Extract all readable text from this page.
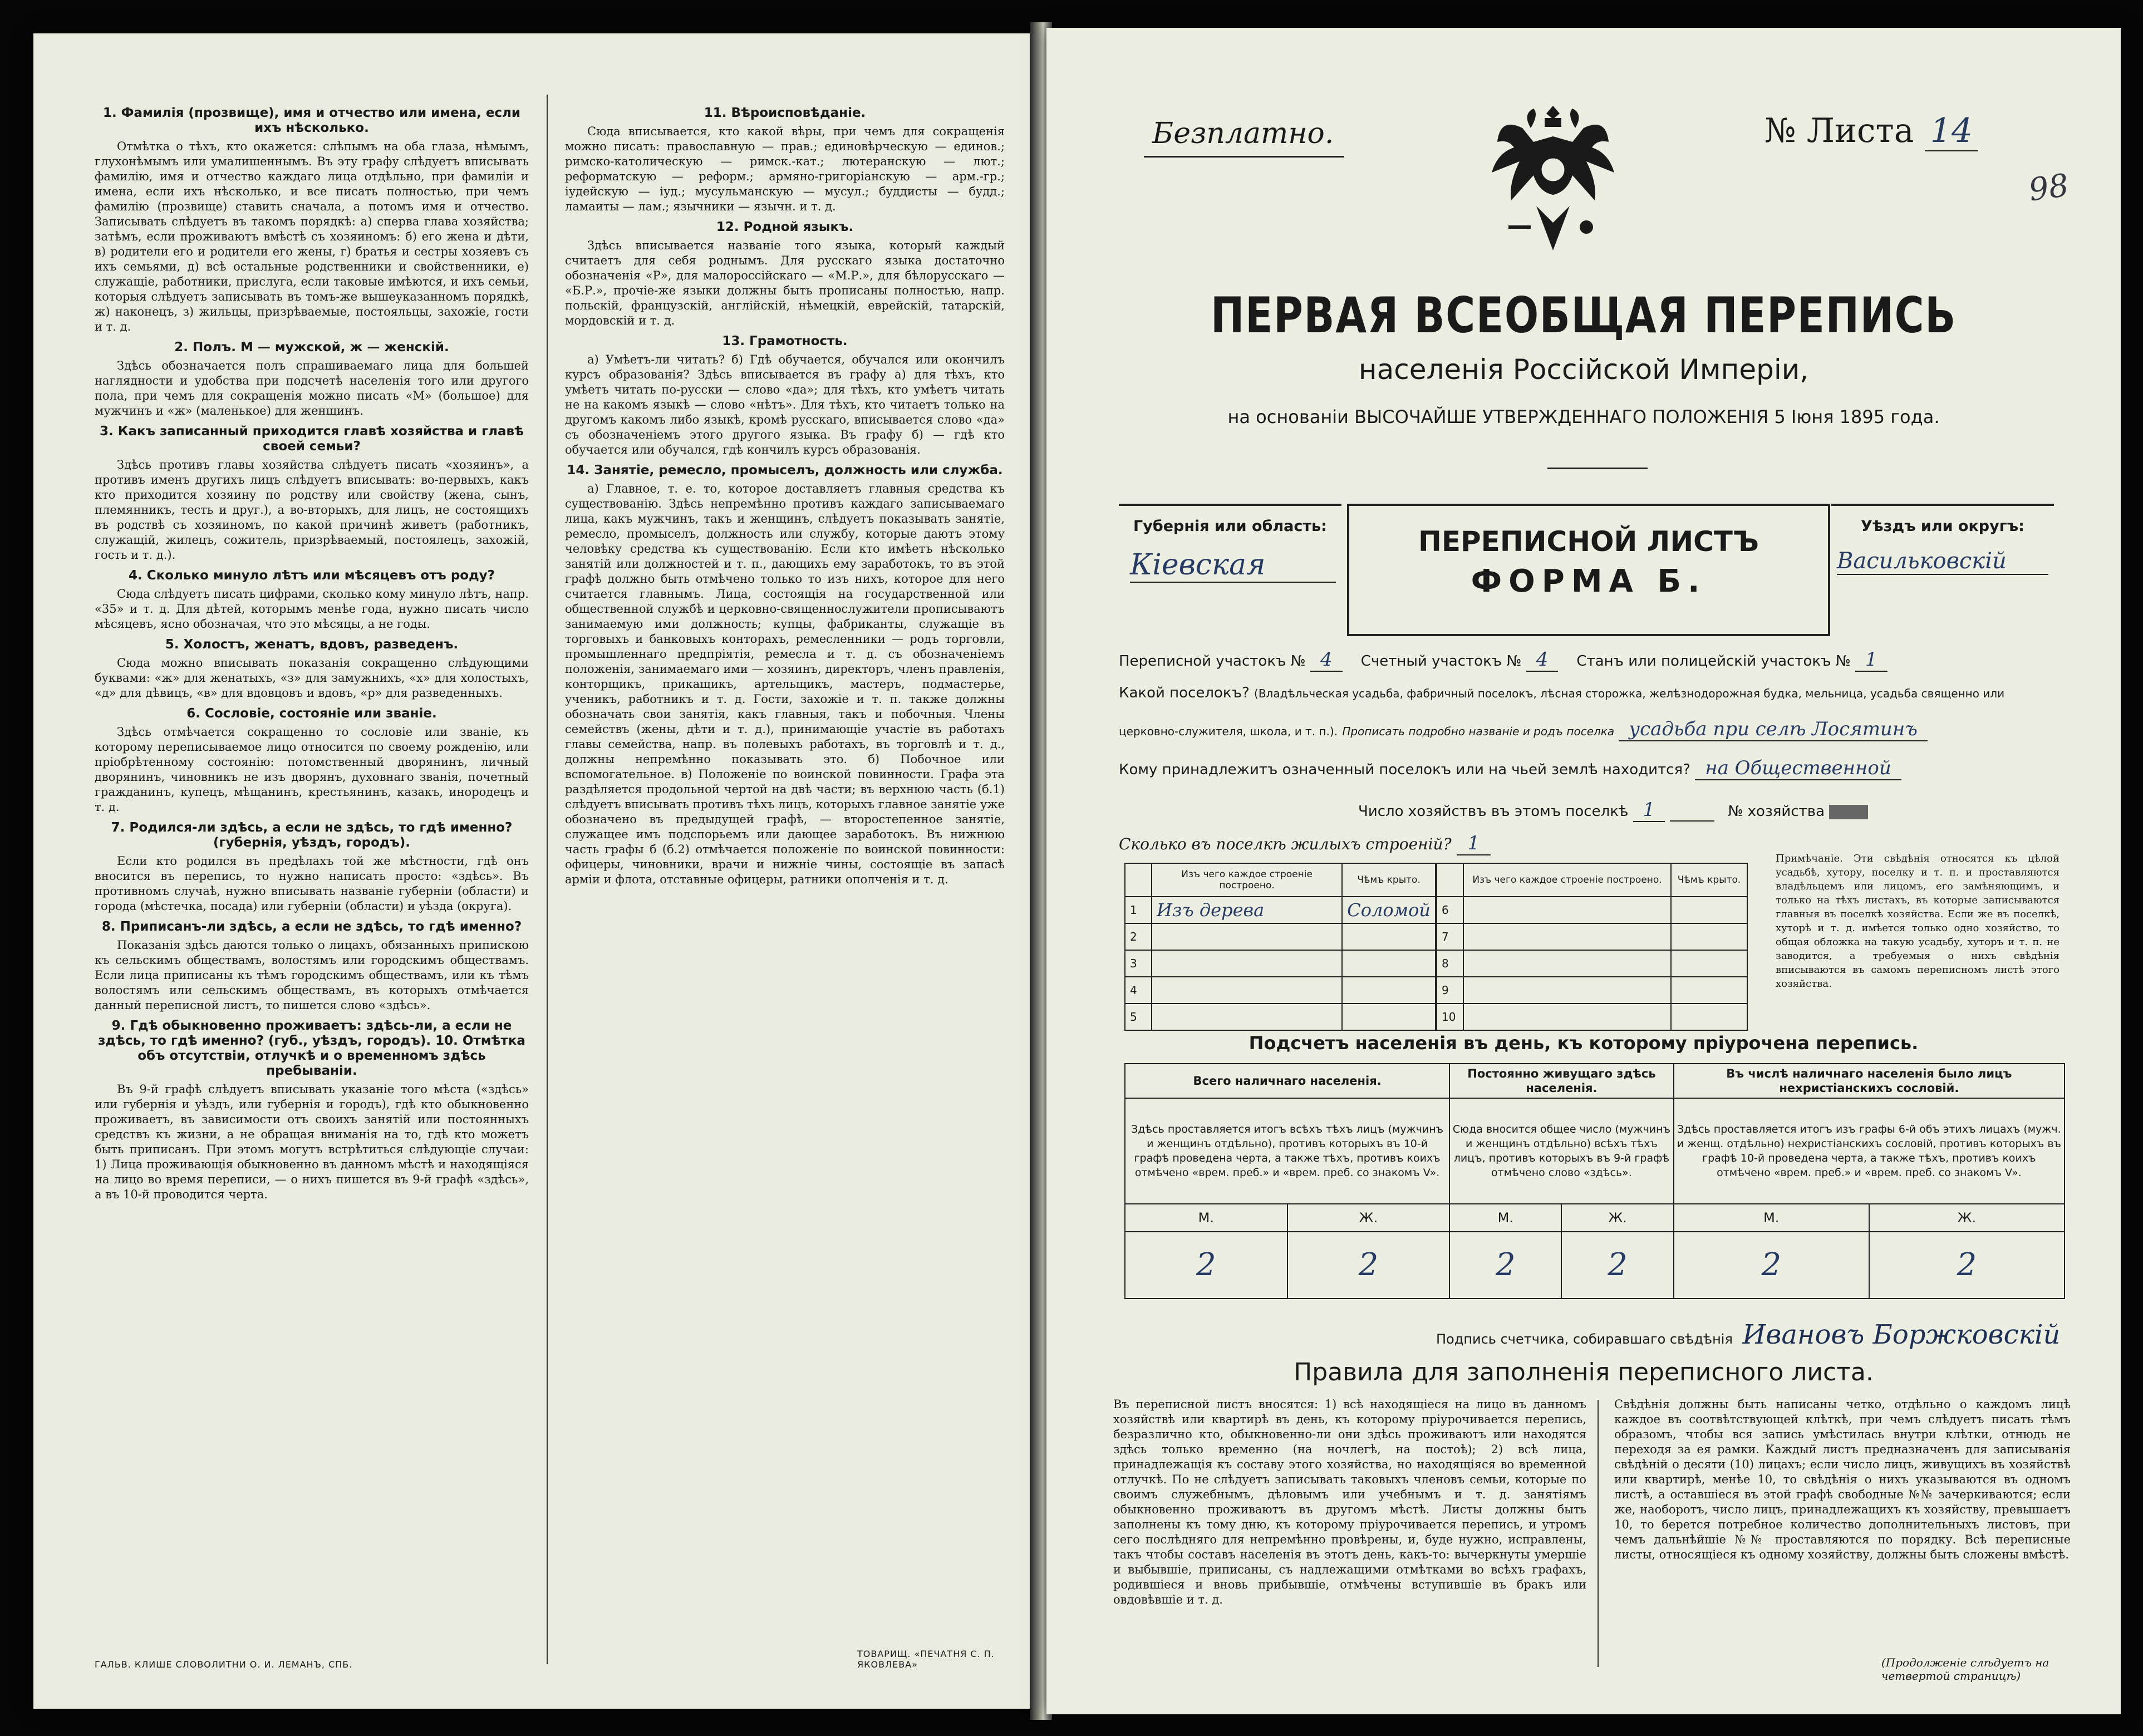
1. Фамилія (прозвище), имя и отчество или имена, если ихъ нѣсколько.

Отмѣтка о тѣхъ, кто окажется: слѣпымъ на оба глаза, нѣмымъ, глухонѣмымъ или умалишеннымъ. Въ эту графу слѣдуетъ вписывать фамилію, имя и отчество каждаго лица отдѣльно, при фамиліи и имена, если ихъ нѣсколько, и все писать полностью, при чемъ фамилію (прозвище) ставить сначала, а потомъ имя и отчество. Записывать слѣдуетъ въ такомъ порядкѣ: а) сперва глава хозяйства; затѣмъ, если проживаютъ вмѣстѣ съ хозяиномъ: б) его жена и дѣти, в) родители его и родители его жены, г) братья и сестры хозяевъ съ ихъ семьями, д) всѣ остальные родственники и свойственники, е) служащіе, работники, прислуга, если таковые имѣются, и ихъ семьи, которыя слѣдуетъ записывать въ томъ-же вышеуказанномъ порядкѣ, ж) наконецъ, з) жильцы, призрѣваемые, постояльцы, захожіе, гости и т. д.

2. Полъ. М — мужской, ж — женскій.

Здѣсь обозначается полъ спрашиваемаго лица для большей наглядности и удобства при подсчетѣ населенія того или другого пола, при чемъ для сокращенія можно писать «М» (большое) для мужчинъ и «ж» (маленькое) для женщинъ.

3. Какъ записанный приходится главѣ хозяйства и главѣ своей семьи?

Здѣсь противъ главы хозяйства слѣдуетъ писать «хозяинъ», а противъ именъ другихъ лицъ слѣдуетъ вписывать: во-первыхъ, какъ кто приходится хозяину по родству или свойству (жена, сынъ, племянникъ, тесть и друг.), а во-вторыхъ, для лицъ, не состоящихъ въ родствѣ съ хозяиномъ, по какой причинѣ живетъ (работникъ, служащій, жилецъ, сожитель, призрѣваемый, постоялецъ, захожій, гость и т. д.).

4. Сколько минуло лѣтъ или мѣсяцевъ отъ роду?

Сюда слѣдуетъ писать цифрами, сколько кому минуло лѣтъ, напр. «35» и т. д. Для дѣтей, которымъ менѣе года, нужно писать число мѣсяцевъ, ясно обозначая, что это мѣсяцы, а не годы.

5. Холостъ, женатъ, вдовъ, разведенъ.

Сюда можно вписывать показанія сокращенно слѣдующими буквами: «ж» для женатыхъ, «з» для замужнихъ, «х» для холостыхъ, «д» для дѣвицъ, «в» для вдовцовъ и вдовъ, «р» для разведенныхъ.

6. Сословіе, состояніе или званіе.

Здѣсь отмѣчается сокращенно то сословіе или званіе, къ которому переписываемое лицо относится по своему рожденію, или пріобрѣтенному состоянію: потомственный дворянинъ, личный дворянинъ, чиновникъ не изъ дворянъ, духовнаго званія, почетный гражданинъ, купецъ, мѣщанинъ, крестьянинъ, казакъ, инородецъ и т. д.

7. Родился-ли здѣсь, а если не здѣсь, то гдѣ именно? (губернія, уѣздъ, городъ).

Если кто родился въ предѣлахъ той же мѣстности, гдѣ онъ вносится въ перепись, то нужно написать просто: «здѣсь». Въ противномъ случаѣ, нужно вписывать названіе губерніи (области) и города (мѣстечка, посада) или губерніи (области) и уѣзда (округа).

8. Приписанъ-ли здѣсь, а если не здѣсь, то гдѣ именно?

Показанія здѣсь даются только о лицахъ, обязанныхъ припискою къ сельскимъ обществамъ, волостямъ или городскимъ обществамъ. Если лица приписаны къ тѣмъ городскимъ обществамъ, или къ тѣмъ волостямъ или сельскимъ обществамъ, въ которыхъ отмѣчается данный переписной листъ, то пишется слово «здѣсь».

9. Гдѣ обыкновенно проживаетъ: здѣсь-ли, а если не здѣсь, то гдѣ именно? (губ., уѣздъ, городъ). 10. Отмѣтка объ отсутствіи, отлучкѣ и о временномъ здѣсь пребываніи.

Въ 9-й графѣ слѣдуетъ вписывать указаніе того мѣста («здѣсь» или губернія и уѣздъ, или губернія и городъ), гдѣ кто обыкновенно проживаетъ, въ зависимости отъ своихъ занятій или постоянныхъ средствъ къ жизни, а не обращая вниманія на то, гдѣ кто можетъ быть приписанъ. При этомъ могутъ встрѣтиться слѣдующіе случаи: 1) Лица проживающія обыкновенно въ данномъ мѣстѣ и находящіяся на лицо во время переписи, — о нихъ пишется въ 9-й графѣ «здѣсь», а въ 10-й проводится черта.

11. Вѣроисповѣданіе.

Сюда вписывается, кто какой вѣры, при чемъ для сокращенія можно писать: православную — прав.; единовѣрческую — единов.; римско-католическую — римск.-кат.; лютеранскую — лют.; реформатскую — реформ.; армяно-григоріанскую — арм.-гр.; іудейскую — іуд.; мусульманскую — мусул.; буддисты — будд.; ламаиты — лам.; язычники — язычн. и т. д.

12. Родной языкъ.

Здѣсь вписывается названіе того языка, который каждый считаетъ для себя роднымъ. Для русскаго языка достаточно обозначенія «Р», для малороссійскаго — «М.Р.», для бѣлорусскаго — «Б.Р.», прочіе-же языки должны быть прописаны полностью, напр. польскій, французскій, англійскій, нѣмецкій, еврейскій, татарскій, мордовскій и т. д.

13. Грамотность.

а) Умѣетъ-ли читать? б) Гдѣ обучается, обучался или окончилъ курсъ образованія? Здѣсь вписывается въ графу а) для тѣхъ, кто умѣетъ читать по-русски — слово «да»; для тѣхъ, кто умѣетъ читать не на какомъ языкѣ — слово «нѣтъ». Для тѣхъ, кто читаетъ только на другомъ какомъ либо языкѣ, кромѣ русскаго, вписывается слово «да» съ обозначеніемъ этого другого языка. Въ графу б) — гдѣ кто обучается или обучался, гдѣ кончилъ курсъ образованія.

14. Занятіе, ремесло, промыселъ, должность или служба.

а) Главное, т. е. то, которое доставляетъ главныя средства къ существованію. Здѣсь непремѣнно противъ каждаго записываемаго лица, какъ мужчинъ, такъ и женщинъ, слѣдуетъ показывать занятіе, ремесло, промыселъ, должность или службу, которые даютъ этому человѣку средства къ существованію. Если кто имѣетъ нѣсколько занятій или должностей и т. п., дающихъ ему заработокъ, то въ этой графѣ должно быть отмѣчено только то изъ нихъ, которое для него считается главнымъ. Лица, состоящія на государственной или общественной службѣ и церковно-священнослужители прописываютъ занимаемую ими должность; купцы, фабриканты, служащіе въ торговыхъ и банковыхъ конторахъ, ремесленники — родъ торговли, промышленнаго предпріятія, ремесла и т. д. съ обозначеніемъ положенія, занимаемаго ими — хозяинъ, директоръ, членъ правленія, конторщикъ, прикащикъ, артельщикъ, мастеръ, подмастерье, ученикъ, работникъ и т. д. Гости, захожіе и т. п. также должны обозначать свои занятія, какъ главныя, такъ и побочныя. Члены семействъ (жены, дѣти и т. д.), принимающіе участіе въ работахъ главы семейства, напр. въ полевыхъ работахъ, въ торговлѣ и т. д., должны непремѣнно показывать это. б) Побочное или вспомогательное. в) Положеніе по воинской повинности. Графа эта раздѣляется продольной чертой на двѣ части; въ верхнюю часть (б.1) слѣдуетъ вписывать противъ тѣхъ лицъ, которыхъ главное занятіе уже обозначено въ предыдущей графѣ, — второстепенное занятіе, служащее имъ подспорьемъ или дающее заработокъ. Въ нижнюю часть графы б (б.2) отмѣчается положеніе по воинской повинности: офицеры, чиновники, врачи и нижніе чины, состоящіе въ запасѣ арміи и флота, отставные офицеры, ратники ополченія и т. д.

ГАЛЬВ. КЛИШЕ СЛОВОЛИТНИ О. И. ЛЕМАНЪ, СПБ.
ТОВАРИЩ. «ПЕЧАТНЯ С. П. ЯКОВЛЕВА»
Безплатно.	№ Листа 14
98
ПЕРВАЯ ВСЕОБЩАЯ ПЕРЕПИСЬ
населенія Россійской Имперіи,
на основаніи ВЫСОЧАЙШЕ УТВЕРЖДЕННАГО ПОЛОЖЕНІЯ 5 Іюня 1895 года.
ПЕРЕПИСНОЙ ЛИСТЪ
ФОРМА Б.
Губернія или область:
Кіевская
Уѣздъ или округъ:
Васильковскій
Переписной участокъ № 4 Счетный участокъ № 4 Станъ или полицейскій участокъ № 1
Какой поселокъ? (Владѣльческая усадьба, фабричный поселокъ, лѣсная сторожка, желѣзнодорожная будка, мельница, усадьба священно или
церковно-служителя, школа, и т. п.). Прописать подробно названіе и родъ поселка усадьба при селѣ Лосятинъ
Кому принадлежитъ означенный поселокъ или на чьей землѣ находится? на Общественной
Число хозяйствъ въ этомъ поселкѣ 1	№ хозяйства
Сколько въ поселкѣ жилыхъ строеній? 1
	Изъ чего каждое строеніе построено.	Чѣмъ крыто.
1	Изъ дерева	Соломой
2		
3		
4		
5		
	Изъ чего каждое строеніе построено.	Чѣмъ крыто.
6		
7		
8		
9		
10		
Примѣчаніе. Эти свѣдѣнія относятся къ цѣлой усадьбѣ, хутору, поселку и т. п. и проставляются владѣльцемъ или лицомъ, его замѣняющимъ, и только на тѣхъ листахъ, въ которые записываются главныя въ поселкѣ хозяйства. Если же въ поселкѣ, хуторѣ и т. д. имѣется только одно хозяйство, то общая обложка на такую усадьбу, хуторъ и т. п. не заводится, а требуемыя о нихъ свѣдѣнія вписываются въ самомъ переписномъ листѣ этого хозяйства.
Подсчетъ населенія въ день, къ которому пріурочена перепись.
Всего наличнаго населенія.		Постоянно живущаго здѣсь населенія.		Въ числѣ наличнаго населенія было лицъ нехристіанскихъ сословій.	
Здѣсь проставляется итогъ всѣхъ тѣхъ лицъ (мужчинъ и женщинъ отдѣльно), противъ которыхъ въ 10-й графѣ проведена черта, а также тѣхъ, противъ коихъ отмѣчено «врем. преб.» и «врем. преб. со знакомъ V».		Сюда вносится общее число (мужчинъ и женщинъ отдѣльно) всѣхъ тѣхъ лицъ, противъ которыхъ въ 9-й графѣ отмѣчено слово «здѣсь».		Здѣсь проставляется итогъ изъ графы 6-й объ этихъ лицахъ (мужч. и женщ. отдѣльно) нехристіанскихъ сословій, противъ которыхъ въ графѣ 10-й проведена черта, а также тѣхъ, противъ коихъ отмѣчено «врем. преб.» и «врем. преб. со знакомъ V».	
М.	Ж.	М.	Ж.	М.	Ж.
2	2	2	2	2	2
Подпись счетчика, собиравшаго свѣдѣнія Ивановъ Боржковскій
Правила для заполненія переписного листа.
Въ переписной листъ вносятся: 1) всѣ находящіеся на лицо въ данномъ хозяйствѣ или квартирѣ въ день, къ которому пріурочивается перепись, безразлично кто, обыкновенно-ли они здѣсь проживаютъ или находятся здѣсь только временно (на ночлегѣ, на постоѣ); 2) всѣ лица, принадлежащія къ составу этого хозяйства, но находящіяся во временной отлучкѣ. По не слѣдуетъ записывать таковыхъ членовъ семьи, которые по своимъ служебнымъ, дѣловымъ или учебнымъ и т. д. занятіямъ обыкновенно проживаютъ въ другомъ мѣстѣ. Листы должны быть заполнены къ тому дню, къ которому пріурочивается перепись, и утромъ сего послѣдняго для непремѣнно провѣрены, и, буде нужно, исправлены, такъ чтобы составъ населенія въ этотъ день, какъ-то: вычеркнуты умершіе и выбывшіе, приписаны, съ надлежащими отмѣтками во всѣхъ графахъ, родившіеся и вновь прибывшіе, отмѣчены вступившіе въ бракъ или овдовѣвшіе и т. д.
Свѣдѣнія должны быть написаны четко, отдѣльно о каждомъ лицѣ каждое въ соотвѣтствующей клѣткѣ, при чемъ слѣдуетъ писать тѣмъ образомъ, чтобы вся запись умѣстилась внутри клѣтки, отнюдь не переходя за ея рамки. Каждый листъ предназначенъ для записыванія свѣдѣній о десяти (10) лицахъ; если число лицъ, живущихъ въ хозяйствѣ или квартирѣ, менѣе 10, то свѣдѣнія о нихъ указываются въ одномъ листѣ, а оставшіеся въ этой графѣ свободные №№ зачеркиваются; если же, наоборотъ, число лицъ, принадлежащихъ къ хозяйству, превышаетъ 10, то берется потребное количество дополнительныхъ листовъ, при чемъ дальнѣйшіе №№ проставляются по порядку. Всѣ переписные листы, относящіеся къ одному хозяйству, должны быть сложены вмѣстѣ.
(Продолженіе слѣдуетъ на четвертой страницѣ)
